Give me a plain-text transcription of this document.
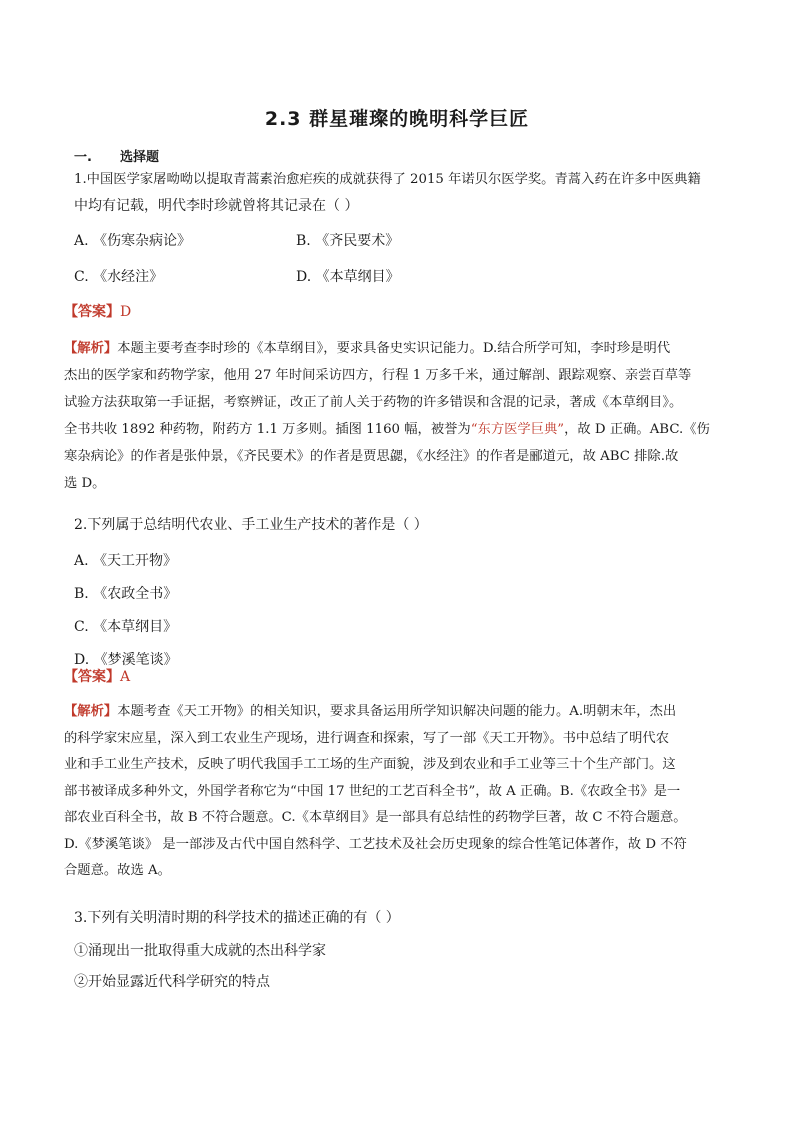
2.3 群星璀璨的晚明科学巨匠
一. 选择题
1.中国医学家屠呦呦以提取青蒿素治愈疟疾的成就获得了 2015 年诺贝尔医学奖。青蒿入药在许多中医典籍
中均有记载，明代李时珍就曾将其记录在（ ）
A. 《伤寒杂病论》	B. 《齐民要术》
C. 《水经注》	D. 《本草纲目》
【答案】D
【解析】本题主要考查李时珍的《本草纲目》，要求具备史实识记能力。D.结合所学可知，李时珍是明代
杰出的医学家和药物学家，他用 27 年时间采访四方，行程 1 万多千米，通过解剖、跟踪观察、亲尝百草等
试验方法获取第一手证据，考察辨证，改正了前人关于药物的许多错误和含混的记录，著成《本草纲目》。
全书共收 1892 种药物，附药方 1.1 万多则。插图 1160 幅，被誉为“东方医学巨典”，故 D 正确。ABC.《伤
寒杂病论》的作者是张仲景，《齐民要术》的作者是贾思勰，《水经注》的作者是郦道元，故 ABC 排除.故
选 D。
2.下列属于总结明代农业、手工业生产技术的著作是（ ）
A. 《天工开物》
B. 《农政全书》
C. 《本草纲目》
D. 《梦溪笔谈》
【答案】A
【解析】本题考查《天工开物》的相关知识，要求具备运用所学知识解决问题的能力。A.明朝末年，杰出
的科学家宋应星，深入到工农业生产现场，进行调查和探索，写了一部《天工开物》。书中总结了明代农
业和手工业生产技术，反映了明代我国手工工场的生产面貌，涉及到农业和手工业等三十个生产部门。这
部书被译成多种外文，外国学者称它为“中国 17 世纪的工艺百科全书”，故 A 正确。B.《农政全书》是一
部农业百科全书，故 B 不符合题意。C.《本草纲目》是一部具有总结性的药物学巨著，故 C 不符合题意。
D.《梦溪笔谈》 是一部涉及古代中国自然科学、工艺技术及社会历史现象的综合性笔记体著作，故 D 不符
合题意。故选 A。
3.下列有关明清时期的科学技术的描述正确的有（ ）
①涌现出一批取得重大成就的杰出科学家
②开始显露近代科学研究的特点
